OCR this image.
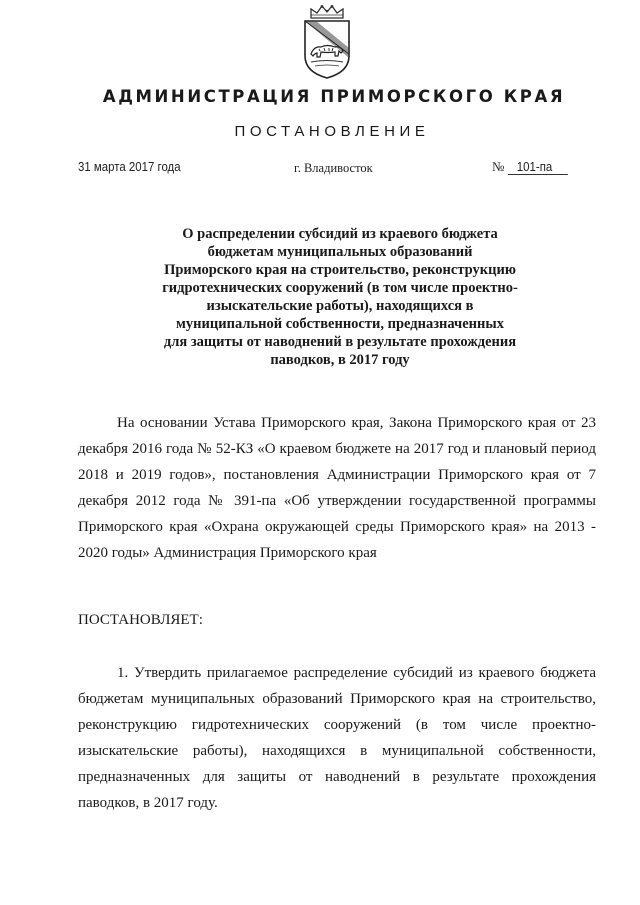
АДМИНИСТРАЦИЯ ПРИМОРСКОГО КРАЯ
ПОСТАНОВЛЕНИЕ
31 марта 2017 года	г. Владивосток	№ 101-па
О распределении субсидий из краевого бюджета
бюджетам муниципальных образований
Приморского края на строительство, реконструкцию
гидротехнических сооружений (в том числе проектно-
изыскательские работы), находящихся в
муниципальной собственности, предназначенных
для защиты от наводнений в результате прохождения
паводков, в 2017 году
На основании Устава Приморского края, Закона Приморского края от 23 декабря 2016 года № 52-КЗ «О краевом бюджете на 2017 год и плановый период 2018 и 2019 годов», постановления Администрации Приморского края от 7 декабря 2012 года № 391-па «Об утверждении государственной программы Приморского края «Охрана окружающей среды Приморского края» на 2013 - 2020 годы» Администрация Приморского края
ПОСТАНОВЛЯЕТ:
1. Утвердить прилагаемое распределение субсидий из краевого бюджета бюджетам муниципальных образований Приморского края на строительство, реконструкцию гидротехнических сооружений (в том числе проектно-изыскательские работы), находящихся в муниципальной собственности, предназначенных для защиты от наводнений в результате прохождения паводков, в 2017 году.
